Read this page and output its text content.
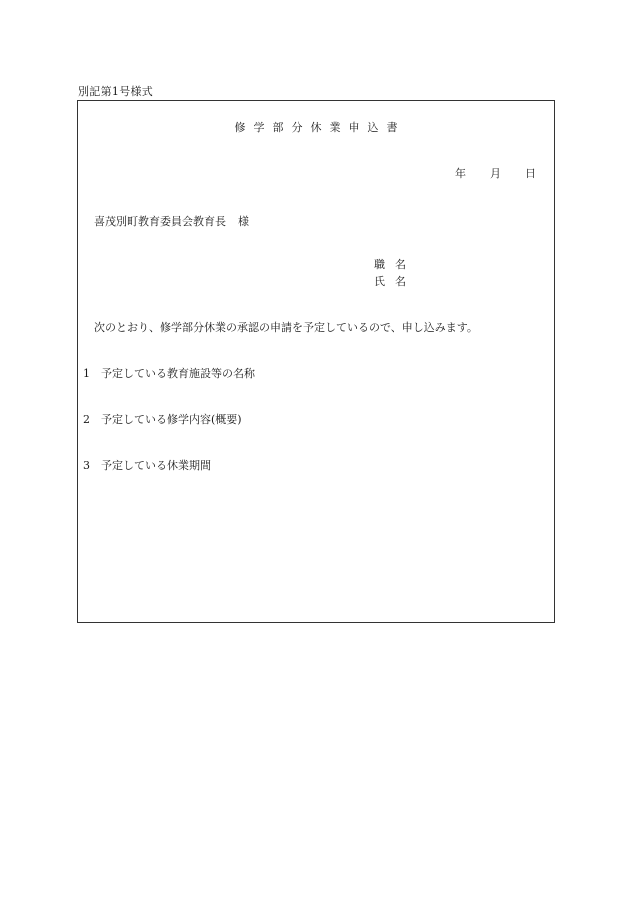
別記第1号様式
修 学 部 分 休 業 申 込 書
年 月 日
喜茂別町教育委員会教育長 様
職 名
氏 名
次のとおり、修学部分休業の承認の申請を予定しているので、申し込みます。
1 予定している教育施設等の名称
2 予定している修学内容(概要)
3 予定している休業期間
